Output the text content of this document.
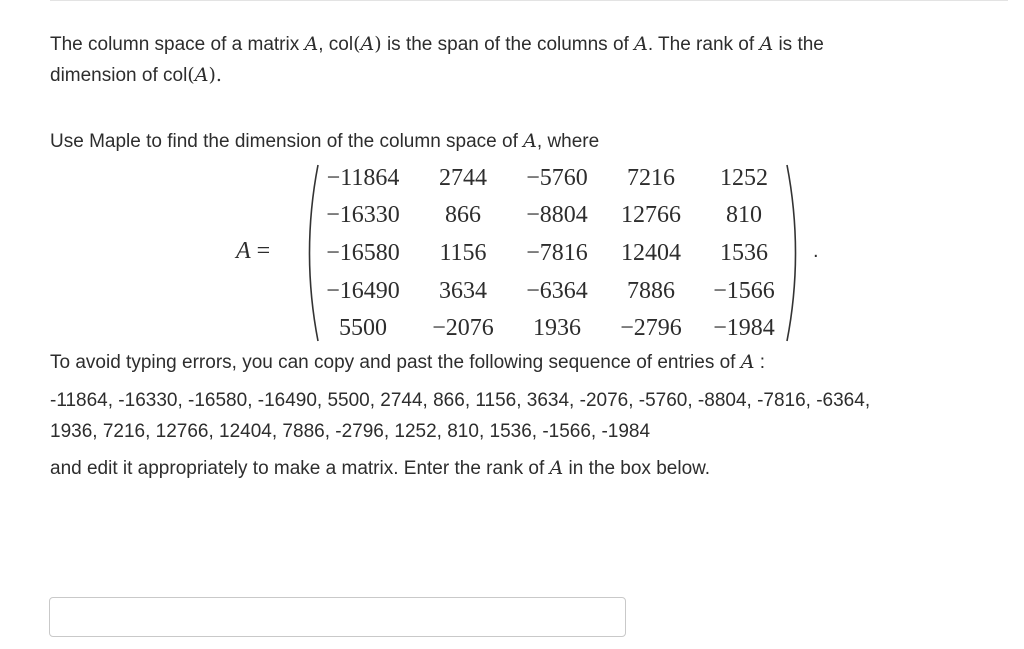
The column space of a matrix A, col(A) is the span of the columns of A. The rank of A is the
dimension of col(A).
Use Maple to find the dimension of the column space of A, where
A =
−11864	2744	−5760	7216	1252
−16330	866	−8804	12766	810
−16580	1156	−7816	12404	1536
−16490	3634	−6364	7886	−1566
5500	−2076	1936	−2796	−1984
.
To avoid typing errors, you can copy and past the following sequence of entries of A :
-11864, -16330, -16580, -16490, 5500, 2744, 866, 1156, 3634, -2076, -5760, -8804, -7816, -6364,
1936, 7216, 12766, 12404, 7886, -2796, 1252, 810, 1536, -1566, -1984
and edit it appropriately to make a matrix. Enter the rank of A in the box below.
